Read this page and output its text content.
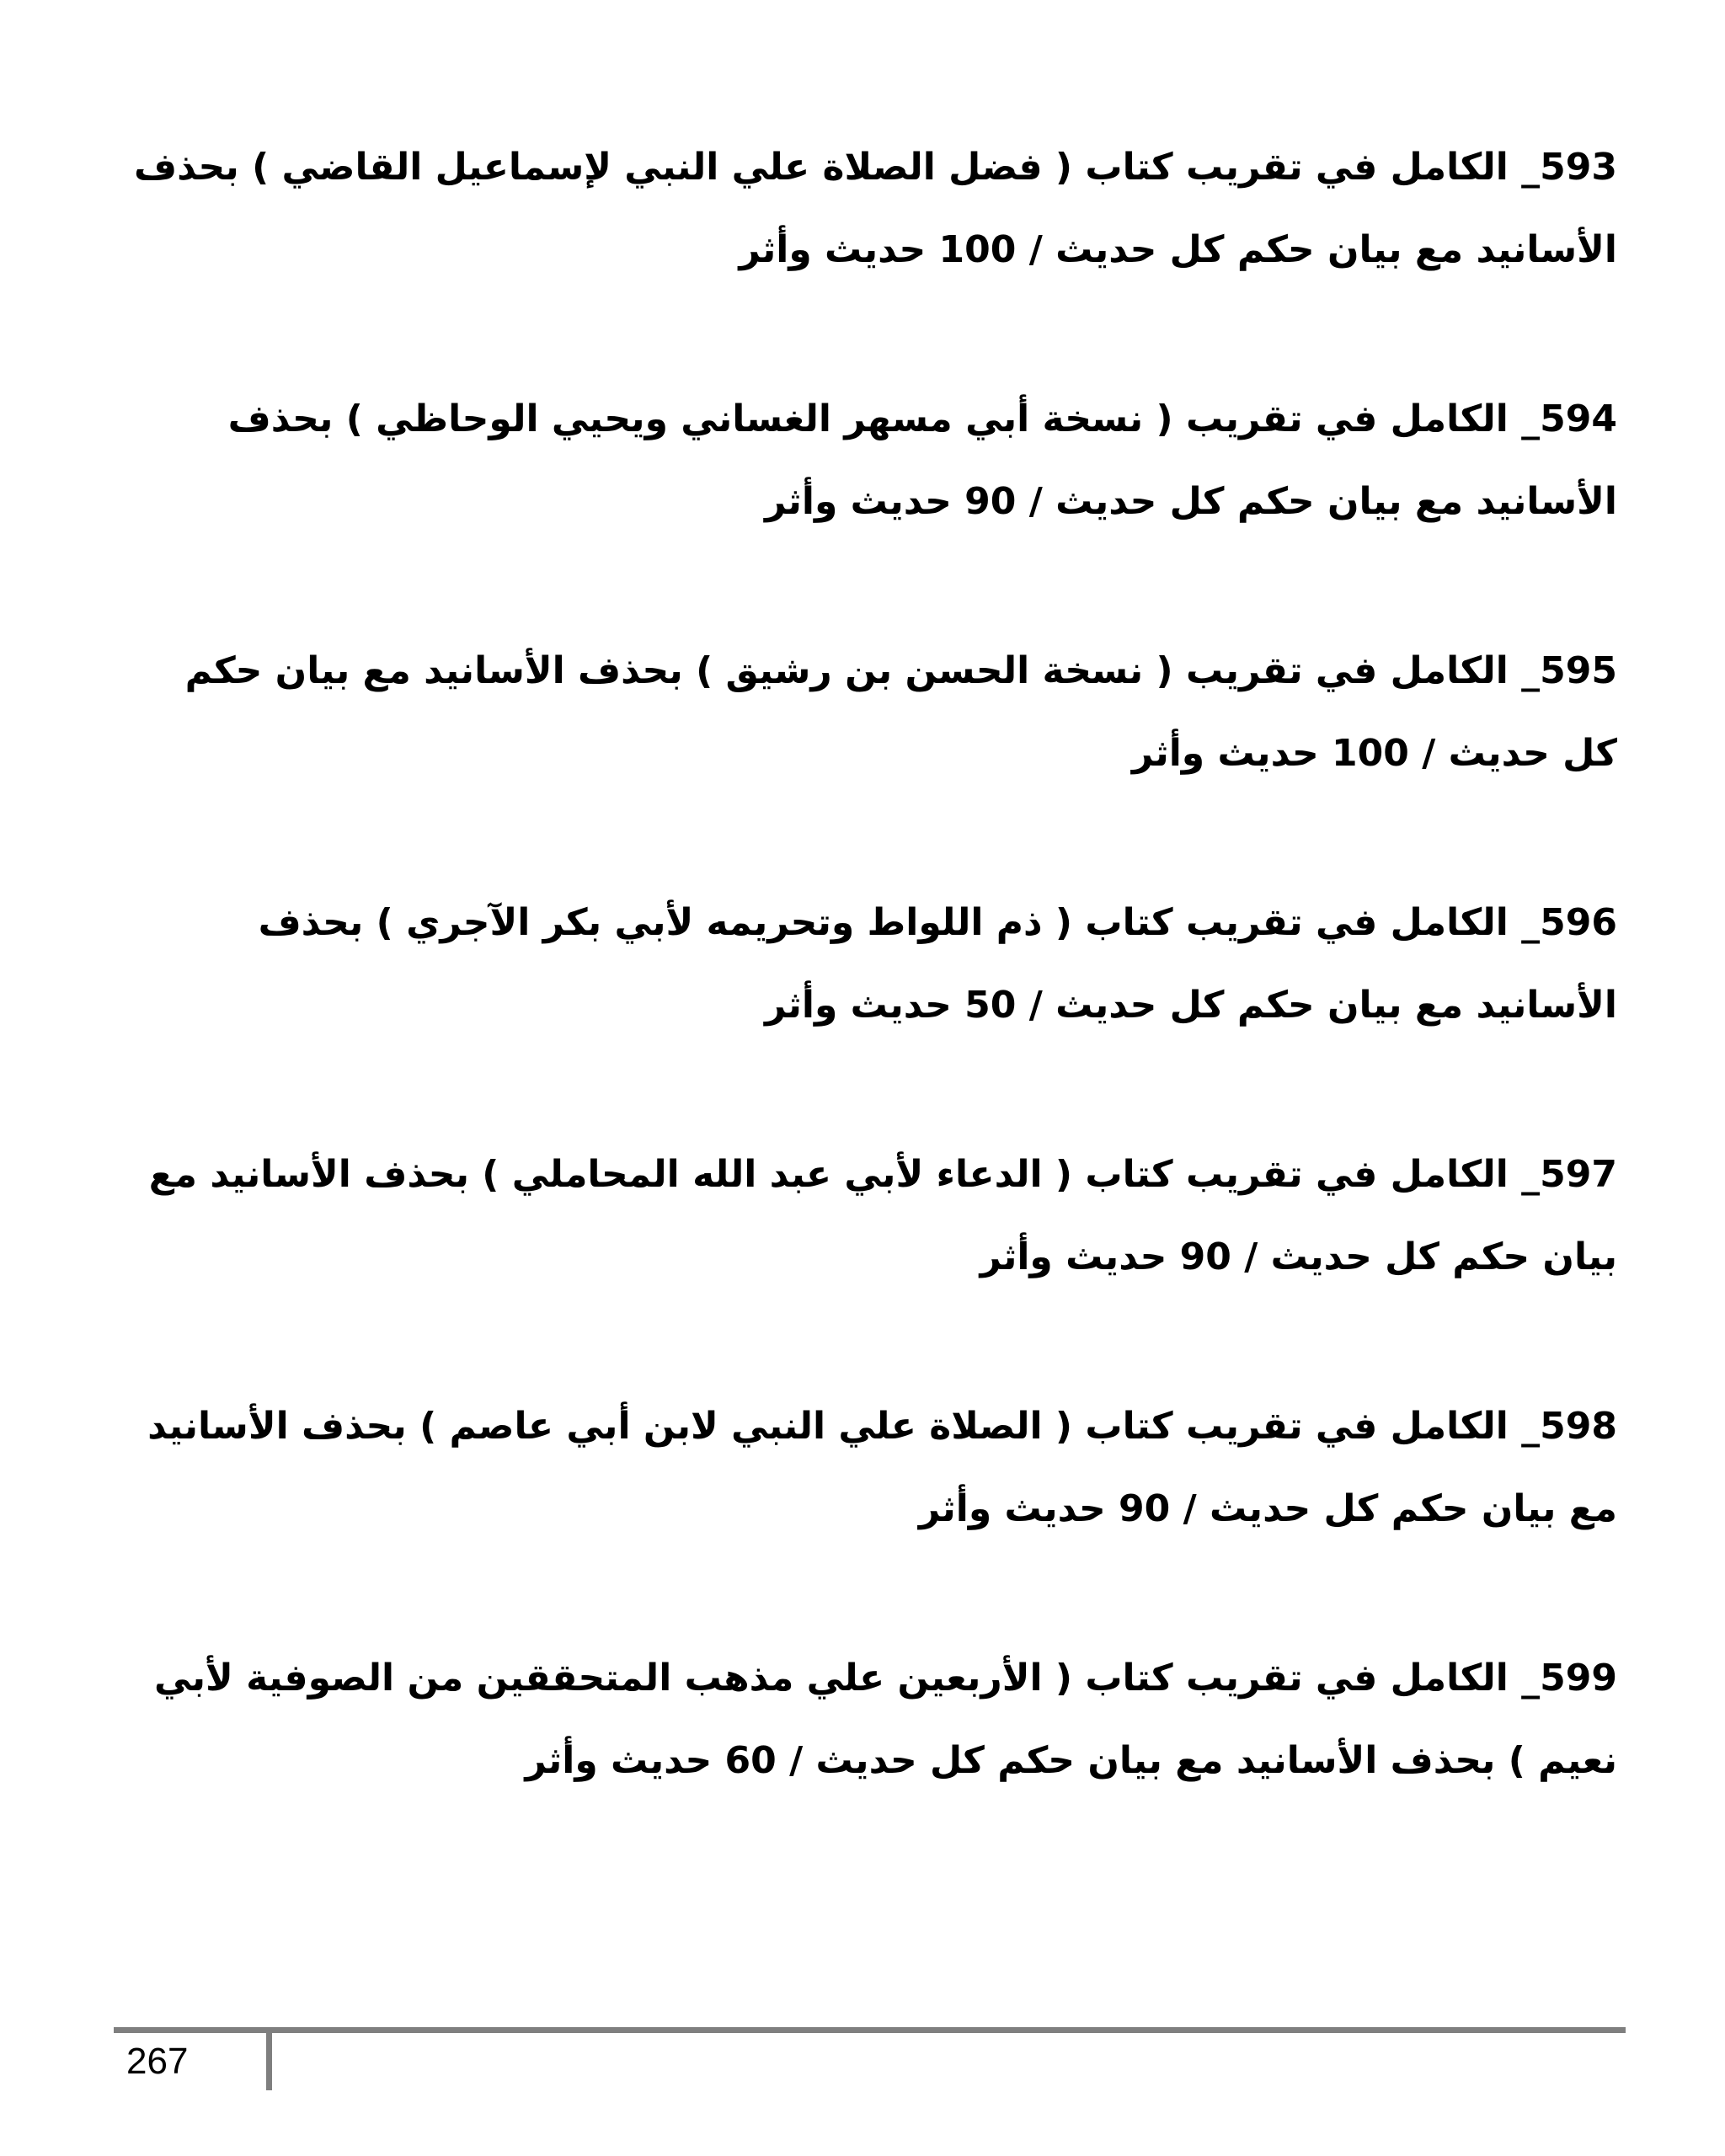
593_ الكامل في تقريب كتاب ( فضل الصلاة علي النبي لإسماعيل القاضي ) بحذف الأسانيد مع بيان حكم كل حديث / 100 حديث وأثر

594_ الكامل في تقريب ( نسخة أبي مسهر الغساني ويحيي الوحاظي ) بحذف الأسانيد مع بيان حكم كل حديث / 90 حديث وأثر

595_ الكامل في تقريب ( نسخة الحسن بن رشيق ) بحذف الأسانيد مع بيان حكم كل حديث / 100 حديث وأثر

596_ الكامل في تقريب كتاب ( ذم اللواط وتحريمه لأبي بكر الآجري ) بحذف الأسانيد مع بيان حكم كل حديث / 50 حديث وأثر

597_ الكامل في تقريب كتاب ( الدعاء لأبي عبد الله المحاملي ) بحذف الأسانيد مع بيان حكم كل حديث / 90 حديث وأثر

598_ الكامل في تقريب كتاب ( الصلاة علي النبي لابن أبي عاصم ) بحذف الأسانيد مع بيان حكم كل حديث / 90 حديث وأثر

599_ الكامل في تقريب كتاب ( الأربعين علي مذهب المتحققين من الصوفية لأبي نعيم ) بحذف الأسانيد مع بيان حكم كل حديث / 60 حديث وأثر

267
